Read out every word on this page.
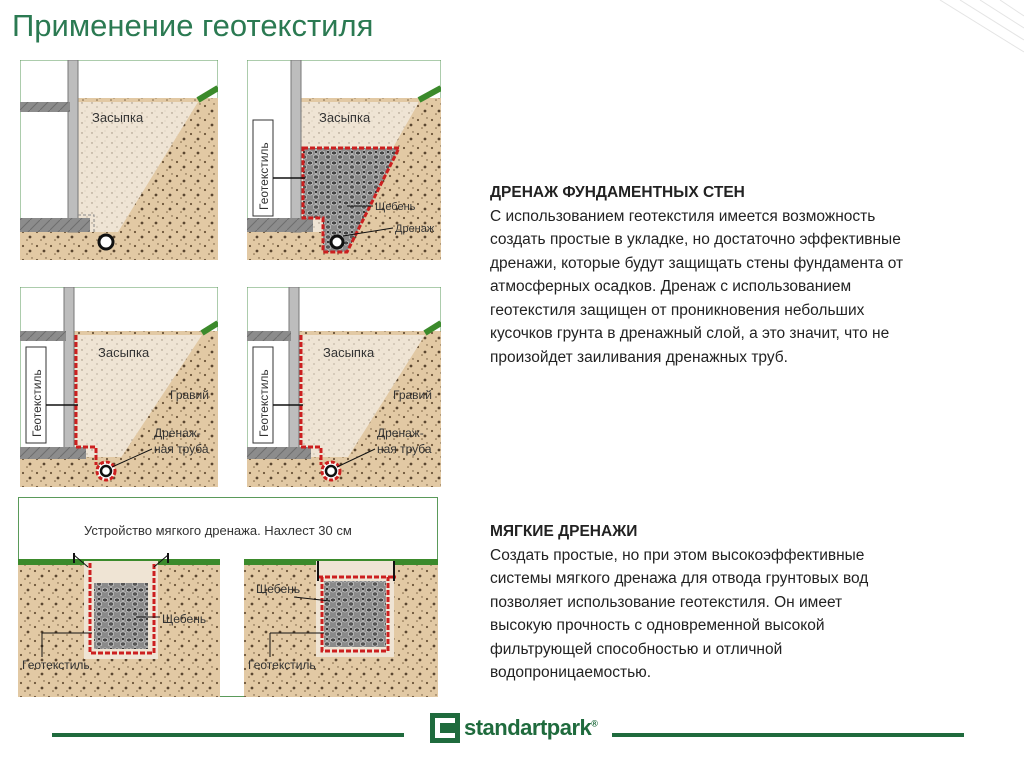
Применение геотекстиля
Засыпка
Геотекстиль
Засыпка
Щебень
Дренаж
Геотекстиль
Засыпка
Гравий
Дренаж-
ная труба
Геотекстиль
Засыпка
Гравий
Дренаж-
ная труба
Устройство мягкого дренажа. Нахлест 30 см
Щебень
Геотекстиль
Щебень
Геотекстиль
ДРЕНАЖ ФУНДАМЕНТНЫХ СТЕН

С использованием геотекстиля имеется возможность

создать простые в укладке, но достаточно эффективные

дренажи, которые будут защищать стены фундамента от

атмосферных осадков. Дренаж с использованием

геотекстиля защищен от проникновения небольших

кусочков грунта в дренажный слой, а это значит, что не

произойдет заиливания дренажных труб.

МЯГКИЕ ДРЕНАЖИ

Создать простые, но при этом высокоэффективные

системы мягкого дренажа для отвода грунтовых вод

позволяет использование геотекстиля. Он имеет

высокую прочность с одновременной высокой

фильтрующей способностью и отличной

водопроницаемостью.

standartpark®
